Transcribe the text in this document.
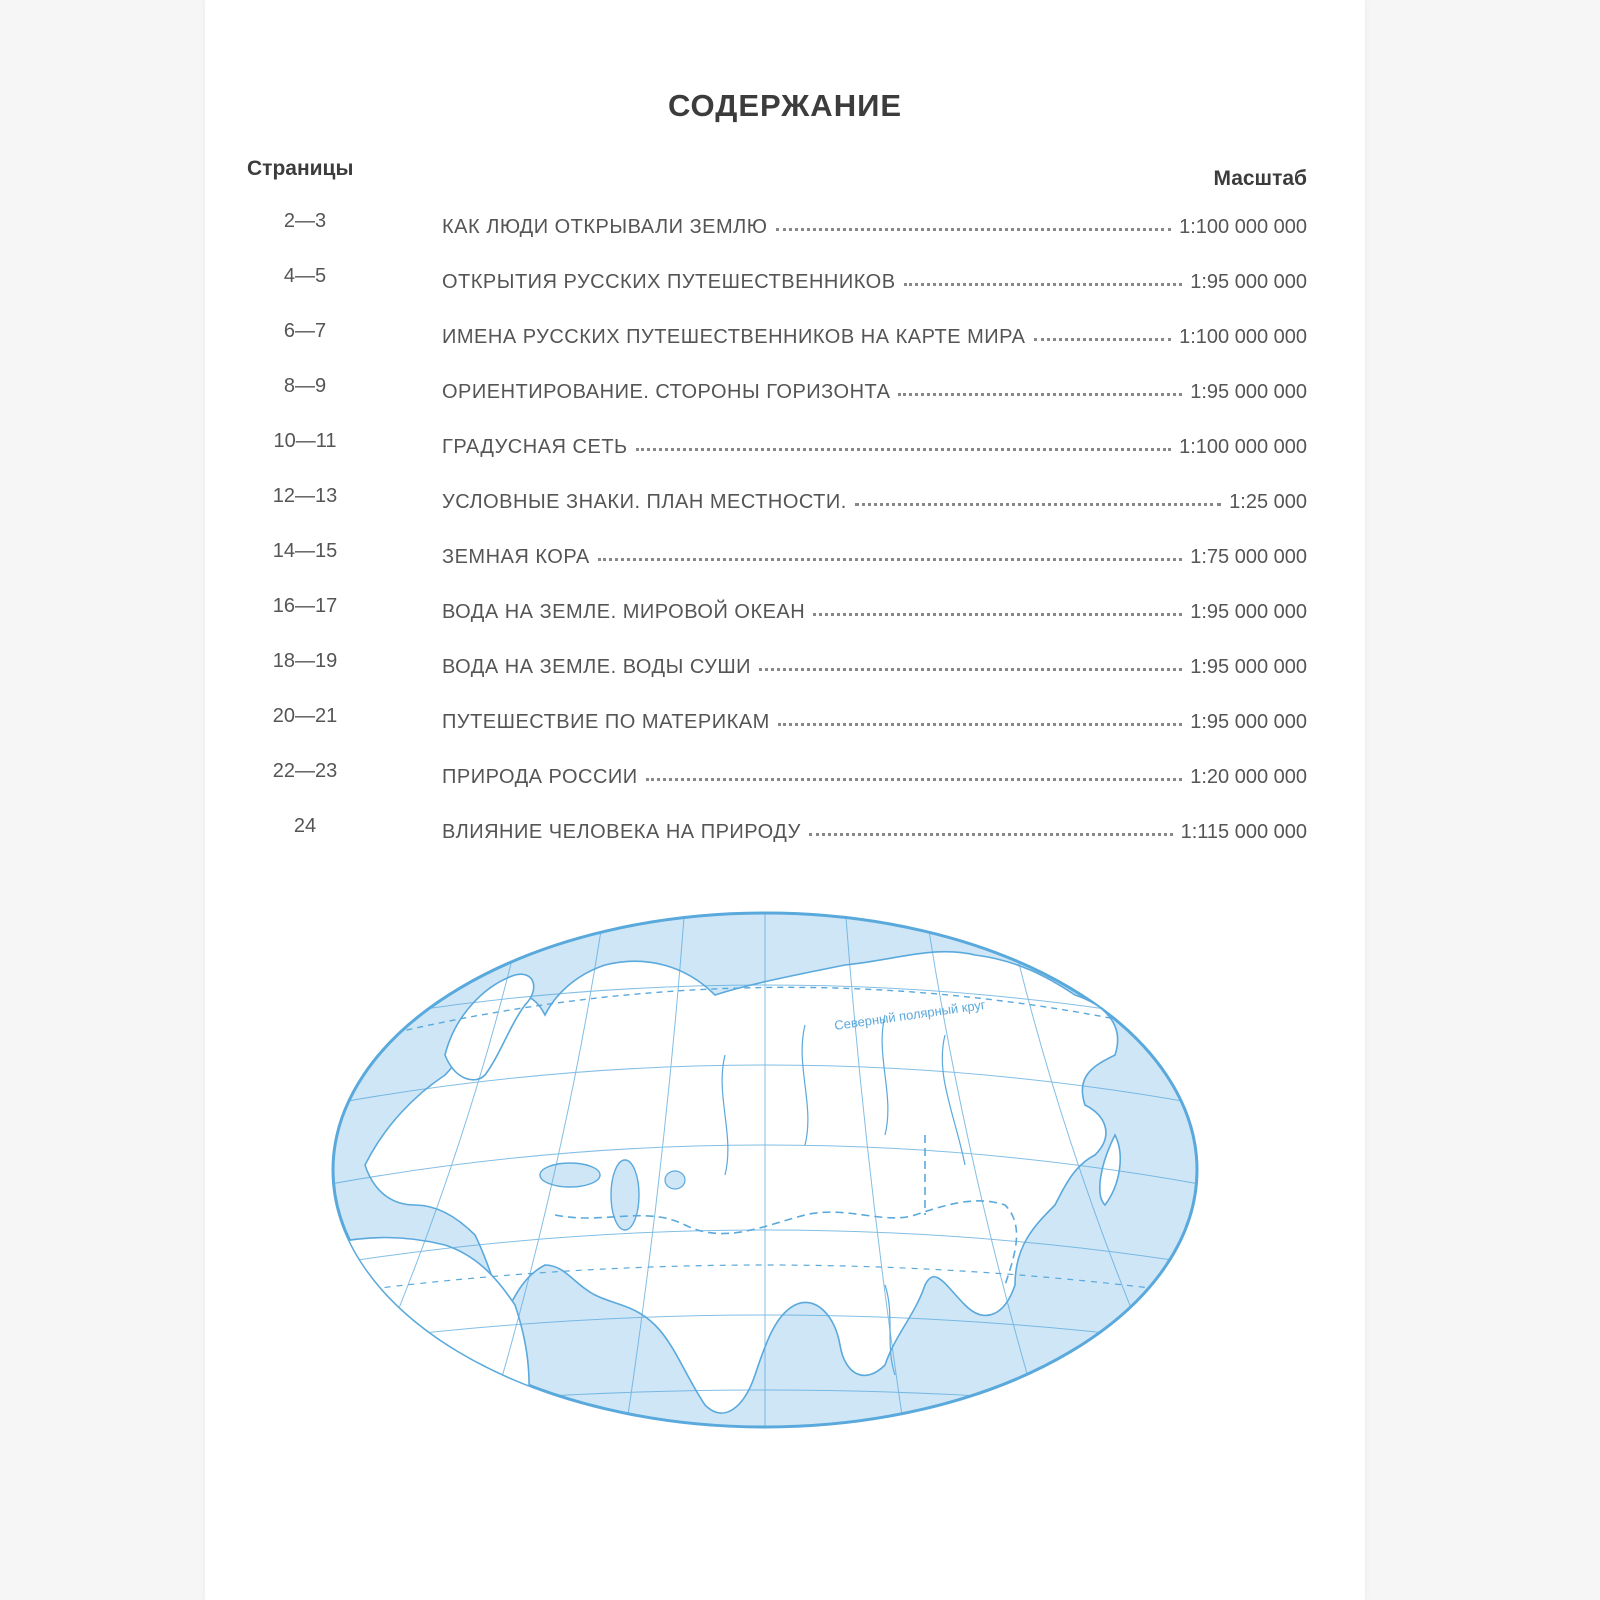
СОДЕРЖАНИЕ
Страницы	Масштаб
2—3	КАК ЛЮДИ ОТКРЫВАЛИ ЗЕМЛЮ	1:100 000 000
4—5	ОТКРЫТИЯ РУССКИХ ПУТЕШЕСТВЕННИКОВ	1:95 000 000
6—7	ИМЕНА РУССКИХ ПУТЕШЕСТВЕННИКОВ НА КАРТЕ МИРА	1:100 000 000
8—9	ОРИЕНТИРОВАНИЕ. СТОРОНЫ ГОРИЗОНТА	1:95 000 000
10—11	ГРАДУСНАЯ СЕТЬ	1:100 000 000
12—13	УСЛОВНЫЕ ЗНАКИ. ПЛАН МЕСТНОСТИ.	1:25 000
14—15	ЗЕМНАЯ КОРА	1:75 000 000
16—17	ВОДА НА ЗЕМЛЕ. МИРОВОЙ ОКЕАН	1:95 000 000
18—19	ВОДА НА ЗЕМЛЕ. ВОДЫ СУШИ	1:95 000 000
20—21	ПУТЕШЕСТВИЕ ПО МАТЕРИКАМ	1:95 000 000
22—23	ПРИРОДА РОССИИ	1:20 000 000
24	ВЛИЯНИЕ ЧЕЛОВЕКА НА ПРИРОДУ	1:115 000 000
Северный полярный круг
